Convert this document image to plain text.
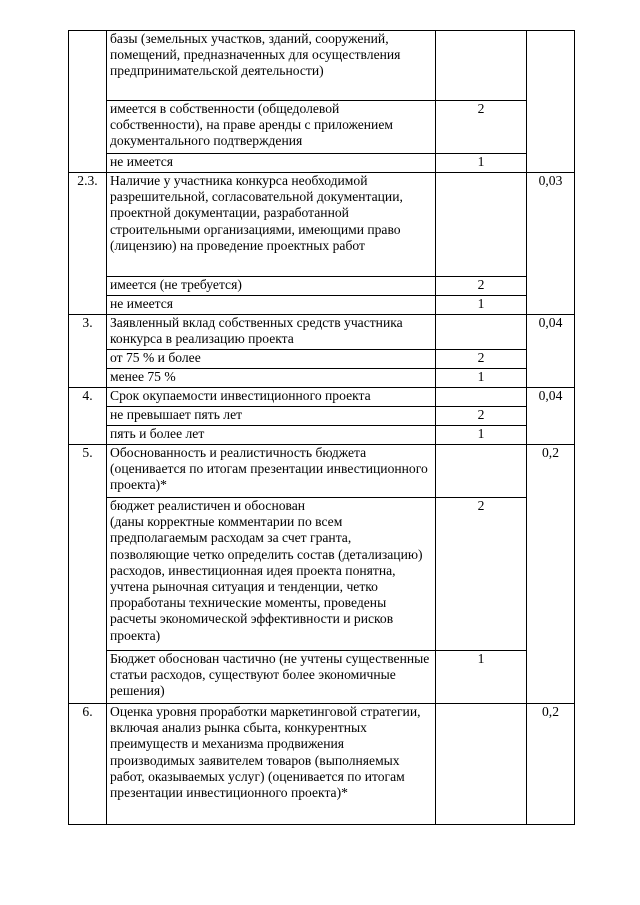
	базы (земельных участков, зданий, сооружений, помещений, предназначенных для осуществления предпринимательской деятельности)		
	имеется в собственности (общедолевой собственности), на праве аренды с приложением документального подтверждения	2	
	не имеется	1	
2.3.	Наличие у участника конкурса необходимой разрешительной, согласовательной документации, проектной документации, разработанной строительными организациями, имеющими право (лицензию) на проведение проектных работ		0,03
	имеется (не требуется)	2	
	не имеется	1	
3.	Заявленный вклад собственных средств участника конкурса в реализацию проекта		0,04
	от 75 % и более	2	
	менее 75 %	1	
4.	Срок окупаемости инвестиционного проекта		0,04
	не превышает пять лет	2	
	пять и более лет	1	
5.	Обоснованность и реалистичность бюджета (оценивается по итогам презентации инвестиционного проекта)*		0,2
	бюджет реалистичен и обоснован
(даны корректные комментарии по всем предполагаемым расходам за счет гранта, позволяющие четко определить состав (детализацию) расходов, инвестиционная идея проекта понятна, учтена рыночная ситуация и тенденции, четко проработаны технические моменты, проведены расчеты экономической эффективности и рисков проекта)	2	
	Бюджет обоснован частично (не учтены существенные статьи расходов, существуют более экономичные решения)	1	
6.	Оценка уровня проработки маркетинговой стратегии, включая анализ рынка сбыта, конкурентных преимуществ и механизма продвижения производимых заявителем товаров (выполняемых работ, оказываемых услуг) (оценивается по итогам презентации инвестиционного проекта)*		0,2
